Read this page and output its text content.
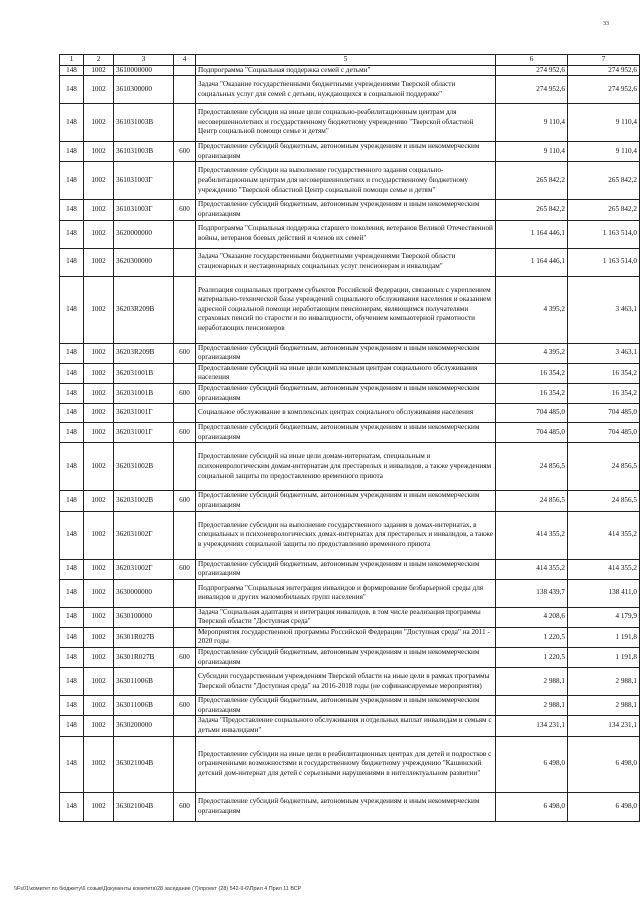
33
1	2	3	4	5	6	7
148	1002	3610000000		Подпрограмма "Социальная поддержка семей с детьми"	274 952,6	274 952,6
148	1002	3610300000		Задача "Оказание государственными бюджетными учреждениями Тверской области социальных услуг для семей с детьми, нуждающихся в социальной поддержке"	274 952,6	274 952,6
148	1002	361031003В		Предоставление субсидии на иные цели социально-реабилитационным центрам для несовершеннолетних и государственному бюджетному учреждению "Тверской областной Центр социальной помощи семье и детям"	9 110,4	9 110,4
148	1002	361031003В	600	Предоставление субсидий бюджетным, автономным учреждениям и иным некоммерческим организациям	9 110,4	9 110,4
148	1002	361031003Г		Предоставление субсидии на выполнение государственного задания социально-реабилитационным центрам для несовершеннолетних и государственному бюджетному учреждению "Тверской областной Центр социальной помощи семье и детям"	265 842,2	265 842,2
148	1002	361031003Г	600	Предоставление субсидий бюджетным, автономным учреждениям и иным некоммерческим организациям	265 842,2	265 842,2
148	1002	3620000000		Подпрограмма "Социальная поддержка старшего поколения, ветеранов Великой Отечественной войны, ветеранов боевых действий и членов их семей"	1 164 446,1	1 163 514,0
148	1002	3620300000		Задача "Оказание государственными бюджетными учреждениями Тверской области стационарных и нестационарных социальных услуг пенсионерам и инвалидам"	1 164 446,1	1 163 514,0
148	1002	36203R209В		Реализация социальных программ субъектов Российской Федерации, связанных с укреплением материально-технической базы учреждений социального обслуживания населения и оказанием адресной социальной помощи неработающим пенсионерам, являющимся получателями страховых пенсий по старости и по инвалидности, обучением компьютерной грамотности неработающих пенсионеров	4 395,2	3 463,1
148	1002	36203R209В	600	Предоставление субсидий бюджетным, автономным учреждениям и иным некоммерческим организациям	4 395,2	3 463,1
148	1002	362031001В		Предоставление субсидий на иные цели комплексным центрам социального обслуживания населения	16 354,2	16 354,2
148	1002	362031001В	600	Предоставление субсидий бюджетным, автономным учреждениям и иным некоммерческим организациям	16 354,2	16 354,2
148	1002	362031001Г		Социальное обслуживание в комплексных центрах социального обслуживания населения	704 485,0	704 485,0
148	1002	362031001Г	600	Предоставление субсидий бюджетным, автономным учреждениям и иным некоммерческим организациям	704 485,0	704 485,0
148	1002	362031002В		Предоставление субсидий на иные цели домам-интернатам, специальным и психоневрологическим домам-интернатам для престарелых и инвалидов, а также учреждениям социальной защиты по предоставлению временного приюта	24 856,5	24 856,5
148	1002	362031002В	600	Предоставление субсидий бюджетным, автономным учреждениям и иным некоммерческим организациям	24 856,5	24 856,5
148	1002	362031002Г		Предоставление субсидии на выполнение государственного задания в домах-интернатах, в специальных и психоневрологических домах-интернатах для престарелых и инвалидов, а также в учреждениях социальной защиты по предоставлению временного приюта	414 355,2	414 355,2
148	1002	362031002Г	600	Предоставление субсидий бюджетным, автономным учреждениям и иным некоммерческим организациям	414 355,2	414 355,2
148	1002	3630000000		Подпрограмма "Социальная интеграция инвалидов и формирование безбарьерной среды для инвалидов и других маломобильных групп населения"	138 439,7	138 411,0
148	1002	3630100000		Задача "Социальная адаптация и интеграция инвалидов, в том числе реализация программы Тверской области "Доступная среда"	4 208,6	4 179,9
148	1002	36301R027В		Мероприятия государственной программы Российской Федерации "Доступная среда" на 2011 - 2020 годы	1 220,5	1 191,8
148	1002	36301R027В	600	Предоставление субсидий бюджетным, автономным учреждениям и иным некоммерческим организациям	1 220,5	1 191,8
148	1002	363011006В		Субсидии государственным учреждениям Тверской области на иные цели в рамках программы Тверской области "Доступная среда" на 2016-2018 годы (не софинансируемые мероприятия)	2 988,1	2 988,1
148	1002	363011006В	600	Предоставление субсидий бюджетным, автономным учреждениям и иным некоммерческим организациям	2 988,1	2 988,1
148	1002	3630200000		Задача "Предоставление социального обслуживания и отдельных выплат инвалидам и семьям с детьми инвалидами"	134 231,1	134 231,1
148	1002	363021004В		Предоставление субсидии на иные цели в реабилитационных центрах для детей и подростков с ограниченными возможностями и государственному бюджетному учреждению "Кашинский детский дом-интернат для детей с серьезными нарушениями в интеллектуальном развитии"	6 498,0	6 498,0
148	1002	363021004В	600	Предоставление субсидий бюджетным, автономным учреждениям и иным некоммерческим организациям	6 498,0	6 498,0
\\Fs01\комитет по бюджету\6 созыв\Документы комитета\28 заседание (7)\проект (28) 542-II-6\Прил 4 Прил 11 ВСР
